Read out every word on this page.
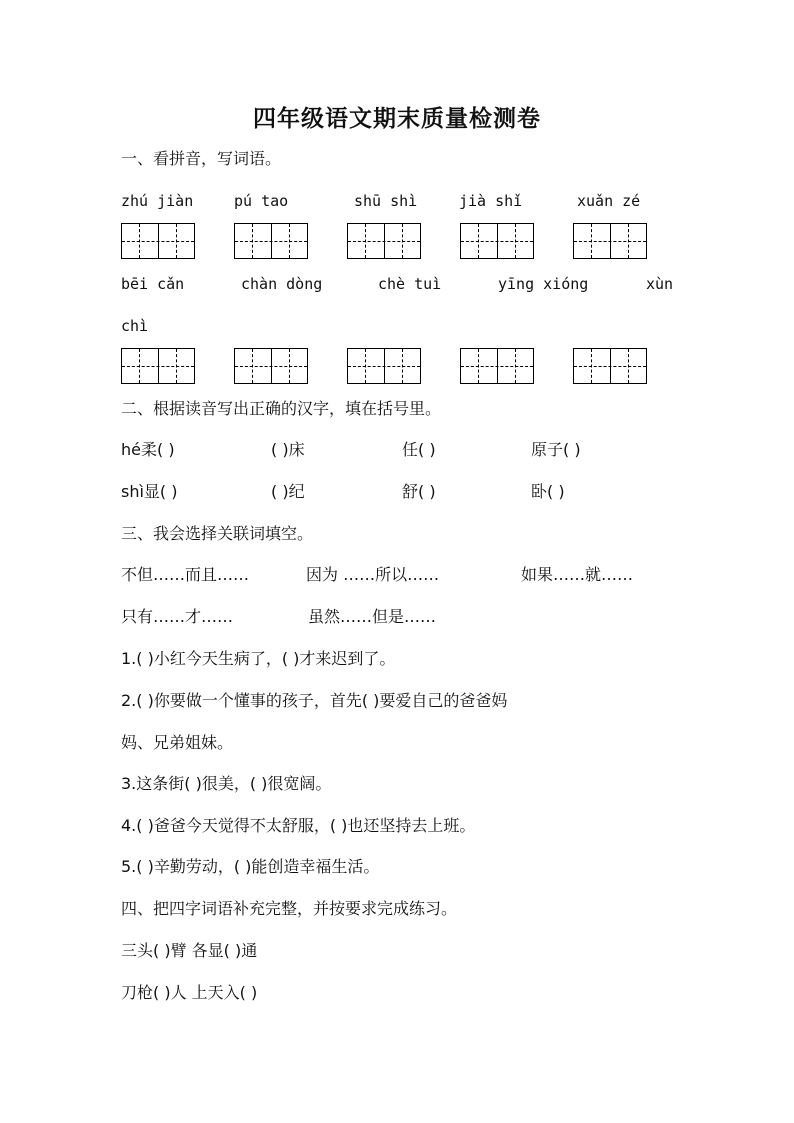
四年级语文期末质量检测卷
一、看拼音，写词语。
zhú jiàn	pú tao	shū shì	jià shǐ	xuǎn zé
bēi cǎn	chàn dòng	chè tuì	yīng xióng	xùn
chì
二、根据读音写出正确的汉字，填在括号里。
hé柔( )	( )床	任( )	原子( )
shì显( )	( )纪	舒( )	卧( )
三、我会选择关联词填空。
不但……而且……	因为 ……所以……	如果……就……
只有……才……	虽然……但是……
1.( )小红今天生病了，( )才来迟到了。
2.( )你要做一个懂事的孩子，首先( )要爱自己的爸爸妈
妈、兄弟姐妹。
3.这条街( )很美，( )很宽阔。
4.( )爸爸今天觉得不太舒服，( )也还坚持去上班。
5.( )辛勤劳动，( )能创造幸福生活。
四、把四字词语补充完整，并按要求完成练习。
三头( )臂 各显( )通
刀枪( )人 上天入( )
